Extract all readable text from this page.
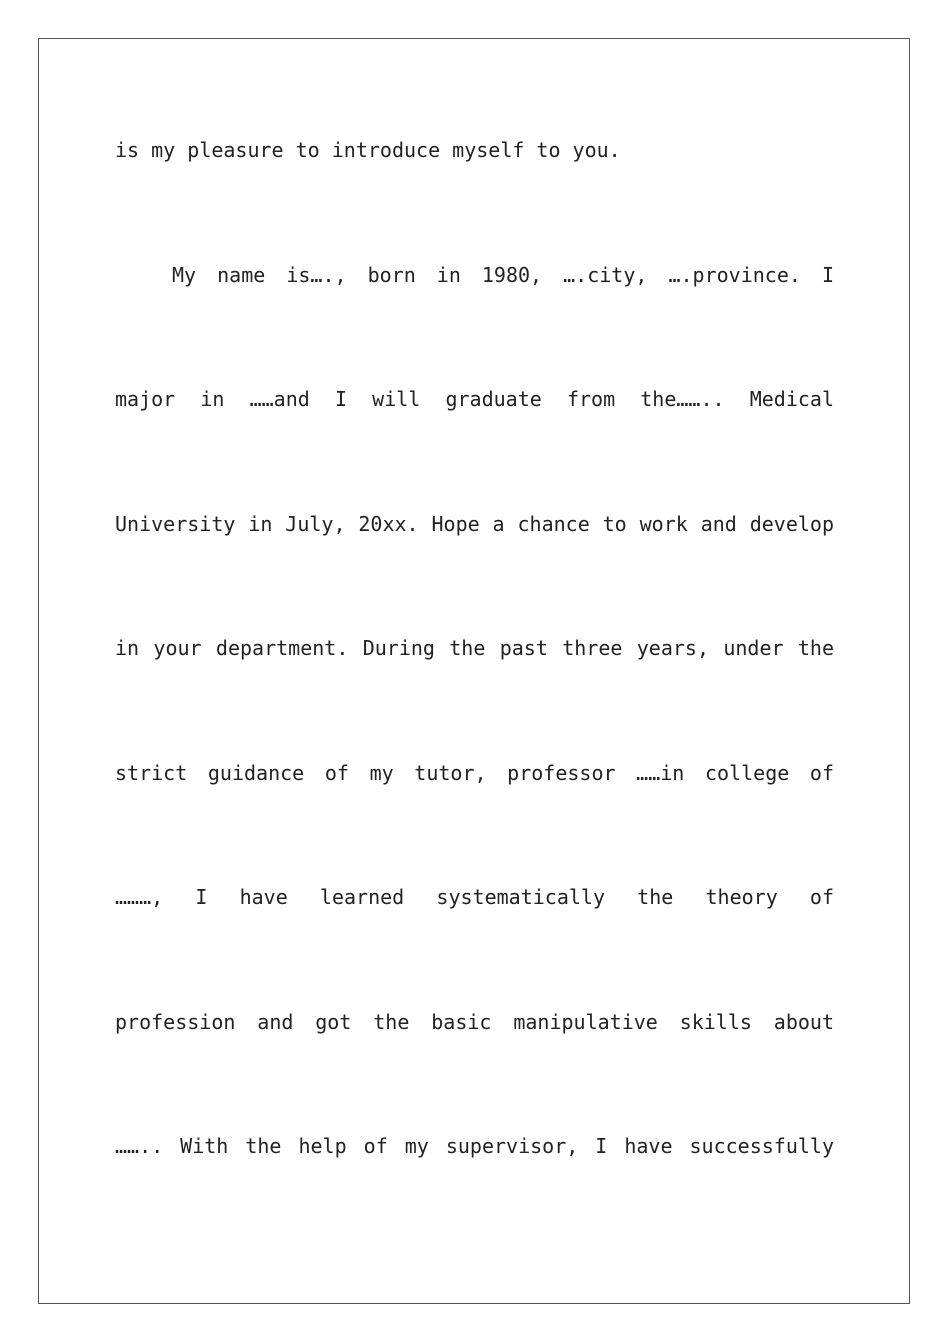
is my pleasure to introduce myself to you.
My name is…., born in 1980, ….city, ….province. I
major in ……and I will graduate from the…….. Medical
University in July, 20xx. Hope a chance to work and develop
in your department. During the past three years, under the
strict guidance of my tutor, professor ……in college of
………, I have learned systematically the theory of
profession and got the basic manipulative skills about
…….. With the help of my supervisor, I have successfully
